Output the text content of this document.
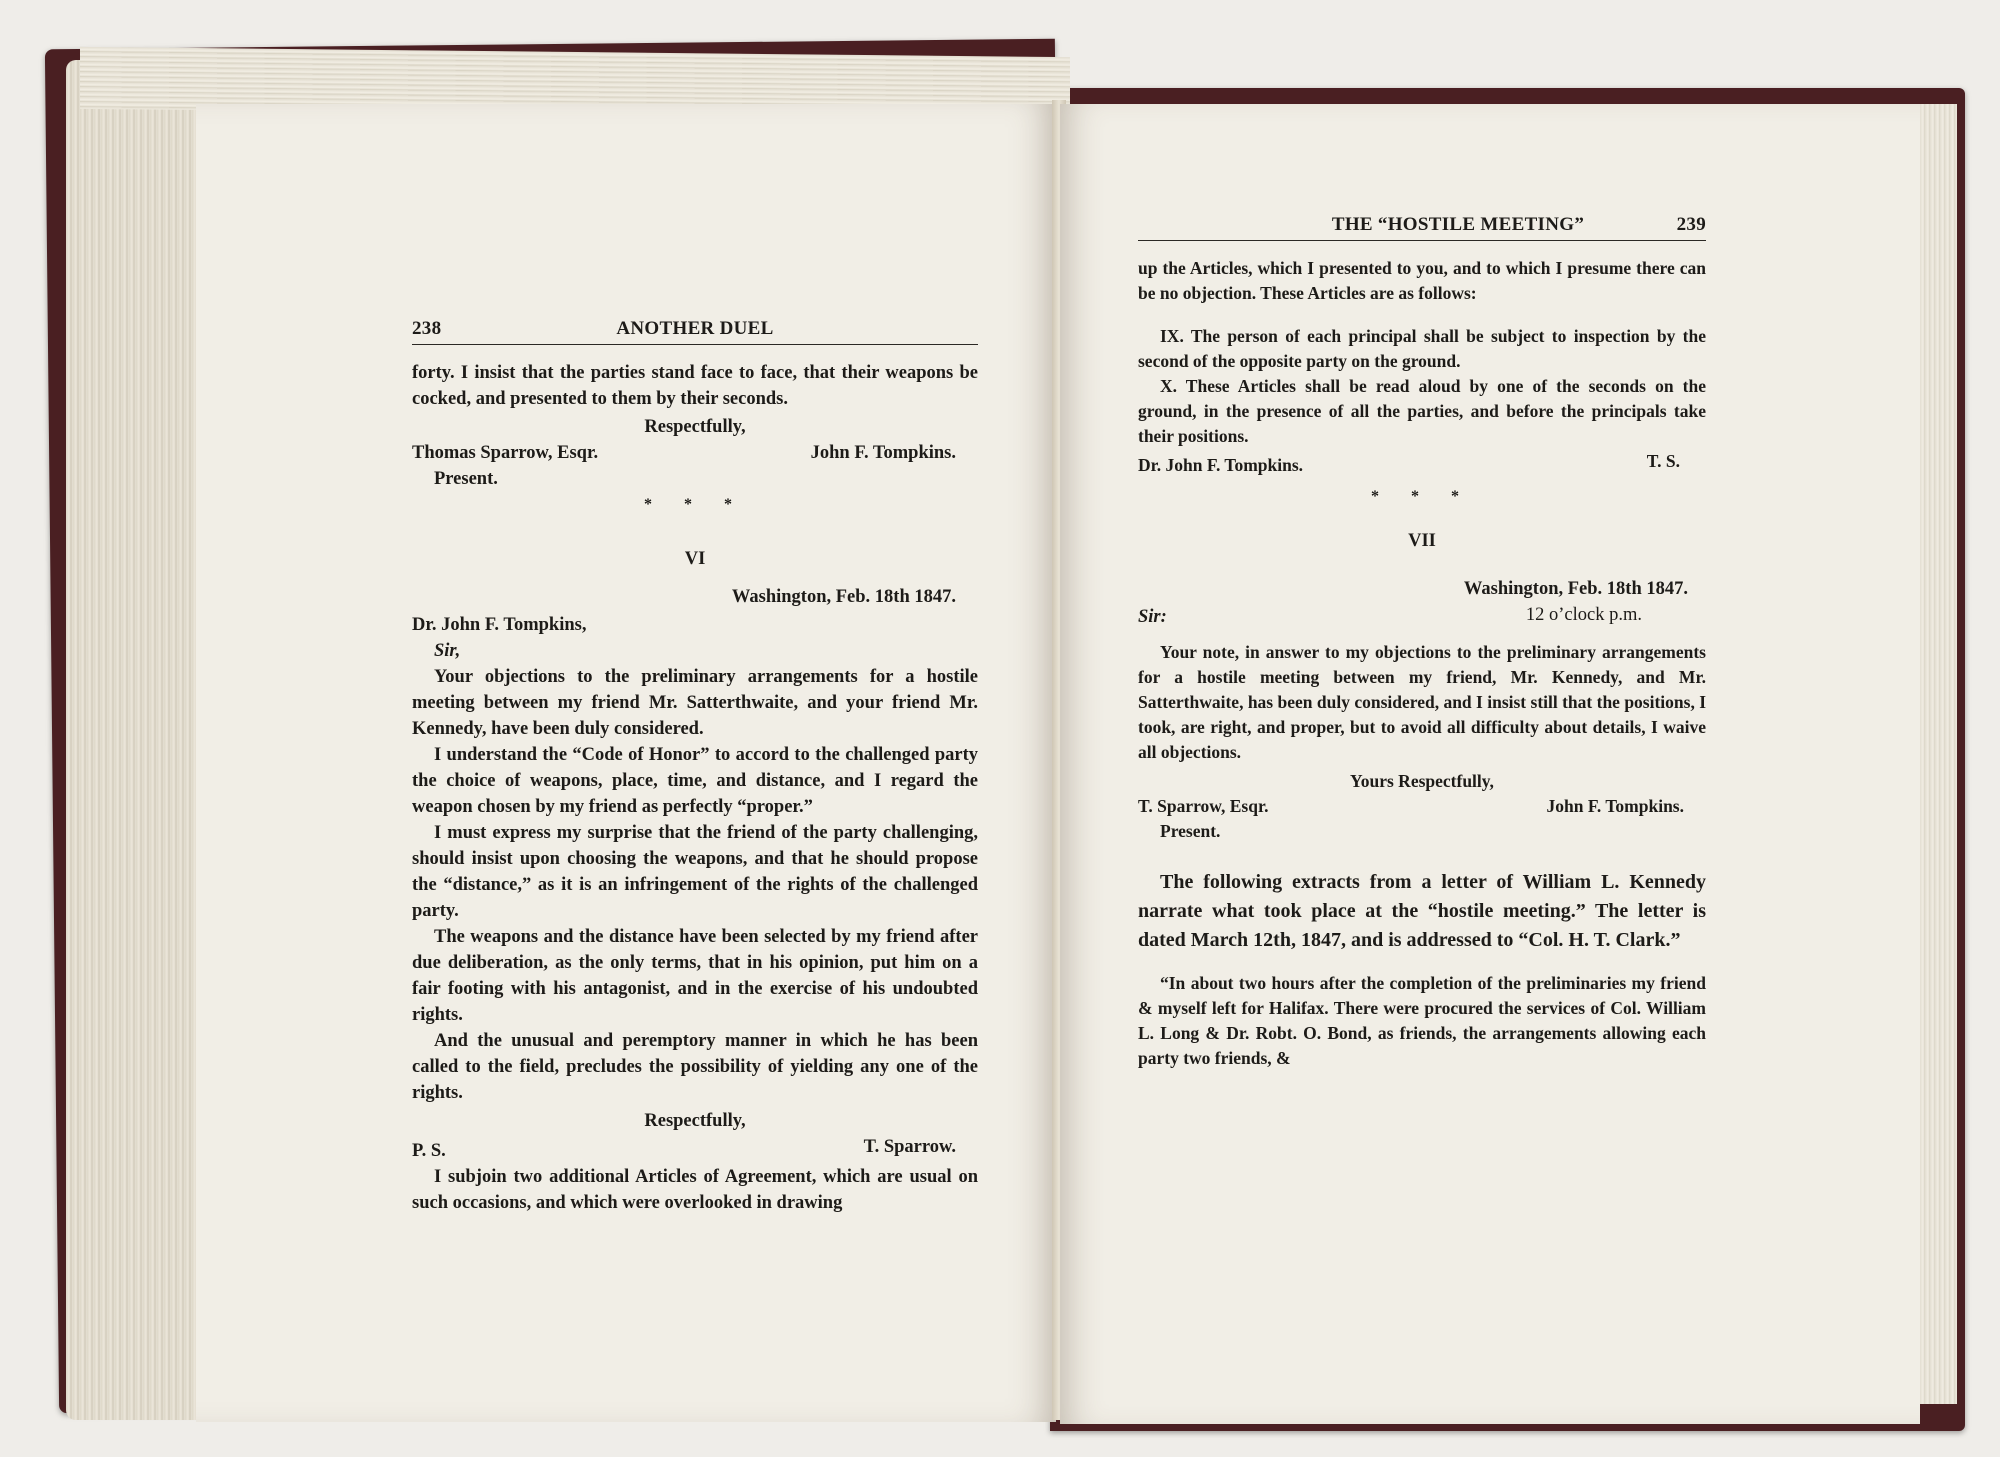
238	ANOTHER DUEL

forty. I insist that the parties stand face to face, that their weapons be cocked, and presented to them by their seconds.

Respectfully,

Thomas Sparrow, Esqr.	John F. Tompkins.

Present.

* * *

VI

Washington, Feb. 18th 1847.

Dr. John F. Tompkins,

Sir,

Your objections to the preliminary arrangements for a hostile meeting between my friend Mr. Satterthwaite, and your friend Mr. Kennedy, have been duly considered.

I understand the “Code of Honor” to accord to the challenged party the choice of weapons, place, time, and distance, and I regard the weapon chosen by my friend as perfectly “proper.”

I must express my surprise that the friend of the party challenging, should insist upon choosing the weapons, and that he should propose the “distance,” as it is an infringement of the rights of the challenged party.

The weapons and the distance have been selected by my friend after due deliberation, as the only terms, that in his opinion, put him on a fair footing with his antagonist, and in the exercise of his undoubted rights.

And the unusual and peremptory manner in which he has been called to the field, precludes the possibility of yielding any one of the rights.

Respectfully,

P. S.	T. Sparrow.

I subjoin two additional Articles of Agreement, which are usual on such occasions, and which were overlooked in drawing

THE “HOSTILE MEETING”	239

up the Articles, which I presented to you, and to which I presume there can be no objection. These Articles are as follows:

IX. The person of each principal shall be subject to inspection by the second of the opposite party on the ground.

X. These Articles shall be read aloud by one of the seconds on the ground, in the presence of all the parties, and before the principals take their positions.

Dr. John F. Tompkins.	T. S.

* * *

VII

Washington, Feb. 18th 1847.

Sir:	12 o’clock p.m.

Your note, in answer to my objections to the preliminary arrangements for a hostile meeting between my friend, Mr. Kennedy, and Mr. Satterthwaite, has been duly considered, and I insist still that the positions, I took, are right, and proper, but to avoid all difficulty about details, I waive all objections.

Yours Respectfully,

T. Sparrow, Esqr.	John F. Tompkins.

Present.

The following extracts from a letter of William L. Kennedy narrate what took place at the “hostile meeting.” The letter is dated March 12th, 1847, and is addressed to “Col. H. T. Clark.”

“In about two hours after the completion of the preliminaries my friend & myself left for Halifax. There were procured the services of Col. William L. Long & Dr. Robt. O. Bond, as friends, the arrangements allowing each party two friends, &
